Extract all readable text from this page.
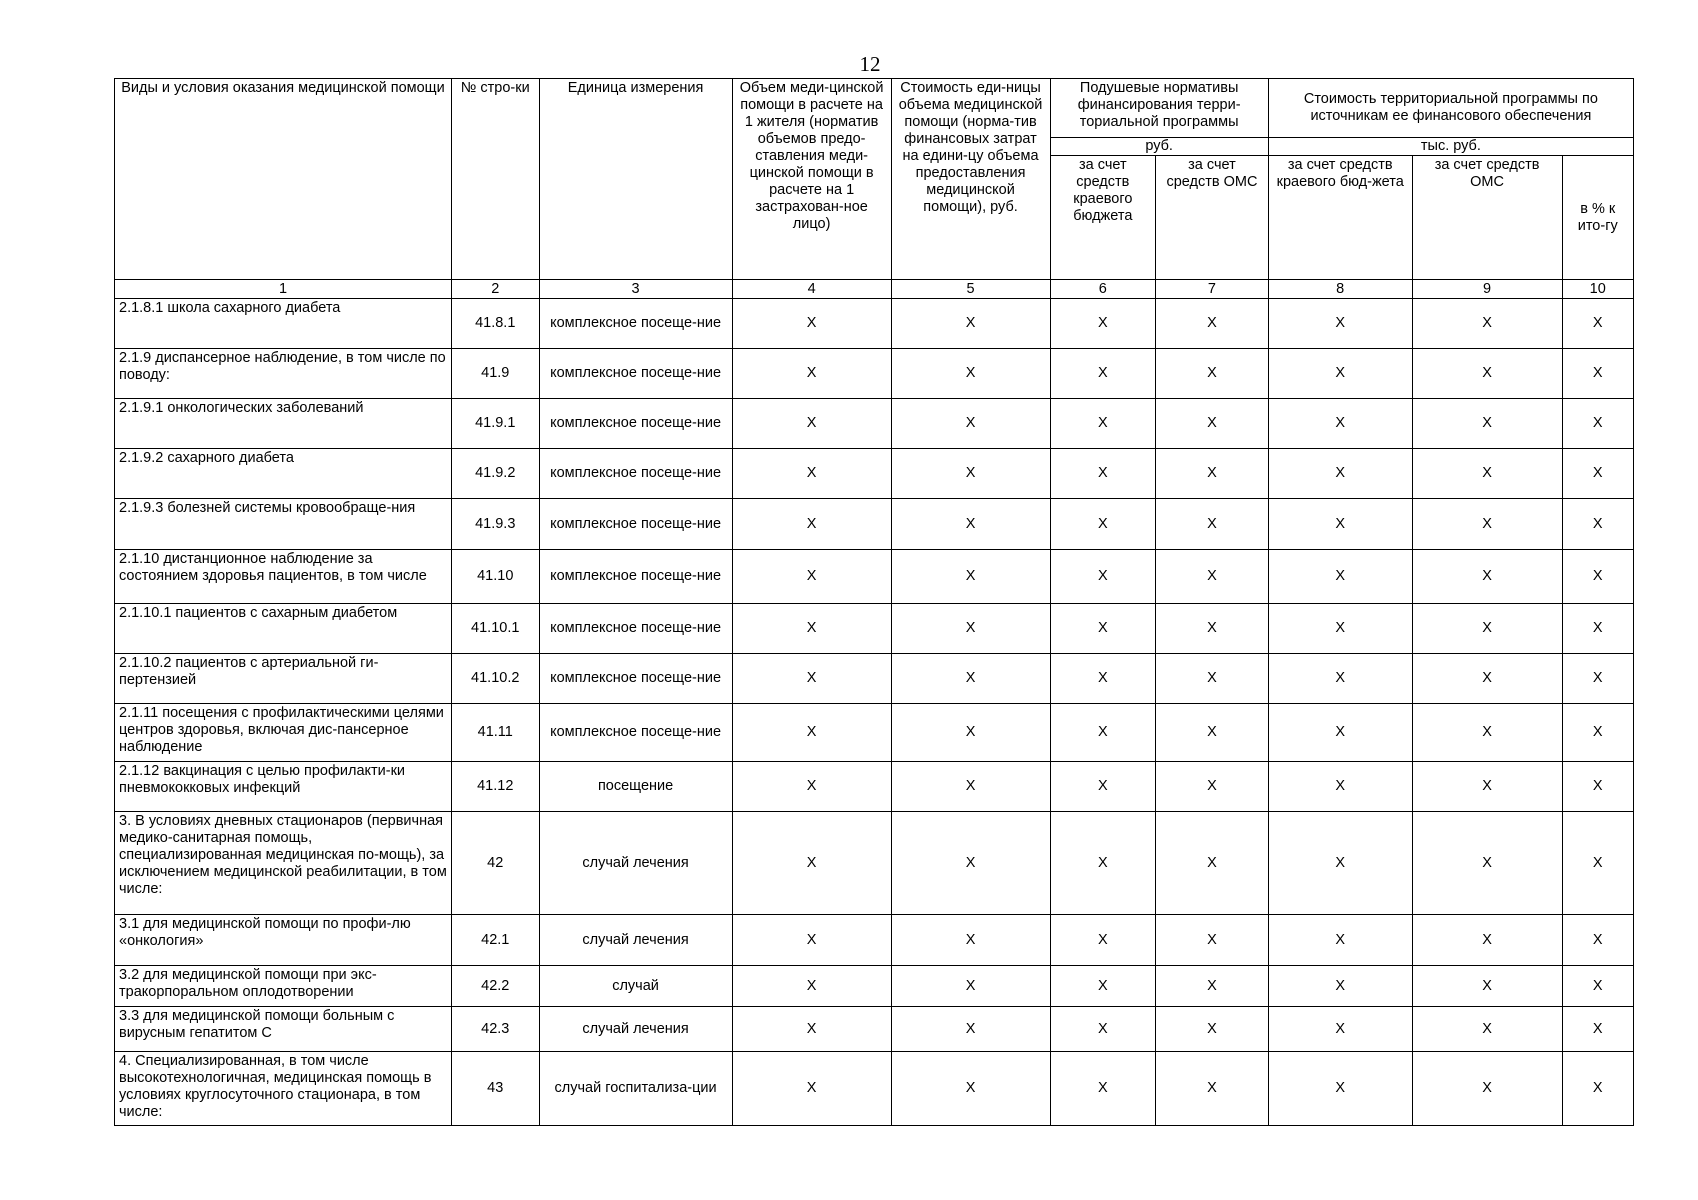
12
Виды и условия оказания медицинской помощи	№ стро-ки	Единица измерения	Объем меди-цинской помощи в расчете на 1 жителя (норматив объемов предо-ставления меди-цинской помощи в расчете на 1 застрахован-ное лицо)	Стоимость еди-ницы объема медицинской помощи (норма-тив финансовых затрат на едини-цу объема предоставления медицинской помощи), руб.	Подушевые нормативы финансирования терри-ториальной программы		Стоимость территориальной программы по источникам ее финансового обеспечения		
					руб.		тыс. руб.		
					за счет средств краевого бюджета	за счет средств ОМС	за счет средств краевого бюд-жета	за счет средств ОМС	в % к ито-гу
1	2	3	4	5	6	7	8	9	10
2.1.8.1 школа сахарного диабета	41.8.1	комплексное посеще-ние	X	X	X	X	X	X	X
2.1.9 диспансерное наблюдение, в том числе по поводу:	41.9	комплексное посеще-ние	X	X	X	X	X	X	X
2.1.9.1 онкологических заболеваний	41.9.1	комплексное посеще-ние	X	X	X	X	X	X	X
2.1.9.2 сахарного диабета	41.9.2	комплексное посеще-ние	X	X	X	X	X	X	X
2.1.9.3 болезней системы кровообраще-ния	41.9.3	комплексное посеще-ние	X	X	X	X	X	X	X
2.1.10 дистанционное наблюдение за состоянием здоровья пациентов, в том числе	41.10	комплексное посеще-ние	X	X	X	X	X	X	X
2.1.10.1 пациентов с сахарным диабетом	41.10.1	комплексное посеще-ние	X	X	X	X	X	X	X
2.1.10.2 пациентов с артериальной ги-пертензией	41.10.2	комплексное посеще-ние	X	X	X	X	X	X	X
2.1.11 посещения с профилактическими целями центров здоровья, включая дис-пансерное наблюдение	41.11	комплексное посеще-ние	X	X	X	X	X	X	X
2.1.12 вакцинация с целью профилакти-ки пневмококковых инфекций	41.12	посещение	X	X	X	X	X	X	X
3. В условиях дневных стационаров (первичная медико-санитарная помощь, специализированная медицинская по-мощь), за исключением медицинской реабилитации, в том числе:	42	случай лечения	X	X	X	X	X	X	X
3.1 для медицинской помощи по профи-лю «онкология»	42.1	случай лечения	X	X	X	X	X	X	X
3.2 для медицинской помощи при экс-тракорпоральном оплодотворении	42.2	случай	X	X	X	X	X	X	X
3.3 для медицинской помощи больным с вирусным гепатитом С	42.3	случай лечения	X	X	X	X	X	X	X
4. Специализированная, в том числе высокотехнологичная, медицинская помощь в условиях круглосуточного стационара, в том числе:	43	случай госпитализа-ции	X	X	X	X	X	X	X
